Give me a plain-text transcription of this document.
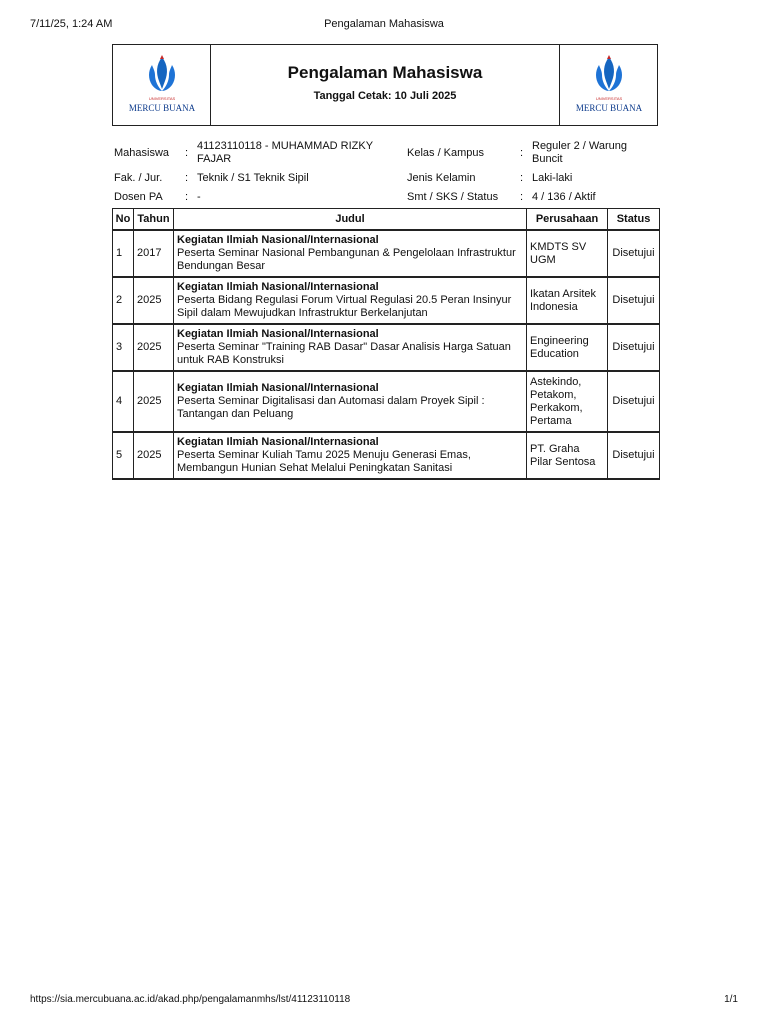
7/11/25, 1:24 AM	Pengalaman Mahasiswa
UNIVERSITAS
MERCU BUANA
Pengalaman Mahasiswa
Tanggal Cetak: 10 Juli 2025	UNIVERSITAS
MERCU BUANA
Mahasiswa :
41123110118 - MUHAMMAD RIZKY FAJAR	Kelas / Kampus	:
Reguler 2 / Warung Buncit
Fak. / Jur. : Teknik / S1 Teknik Sipil	Jenis Kelamin	: Laki-laki
Dosen PA : -	Smt / SKS / Status : 4 / 136 / Aktif
No	Tahun	Judul	Perusahaan	Status
1	2017	Kegiatan Ilmiah Nasional/Internasional
Peserta Seminar Nasional Pembangunan & Pengelolaan Infrastruktur Bendungan Besar	KMDTS SV UGM	Disetujui
2	2025	Kegiatan Ilmiah Nasional/Internasional
Peserta Bidang Regulasi Forum Virtual Regulasi 20.5 Peran Insinyur Sipil dalam Mewujudkan Infrastruktur Berkelanjutan	Ikatan Arsitek Indonesia	Disetujui
3	2025	Kegiatan Ilmiah Nasional/Internasional
Peserta Seminar "Training RAB Dasar" Dasar Analisis Harga Satuan untuk RAB Konstruksi	Engineering Education	Disetujui
4	2025	Kegiatan Ilmiah Nasional/Internasional
Peserta Seminar Digitalisasi dan Automasi dalam Proyek Sipil : Tantangan dan Peluang	Astekindo, Petakom, Perkakom, Pertama	Disetujui
5	2025	Kegiatan Ilmiah Nasional/Internasional
Peserta Seminar Kuliah Tamu 2025 Menuju Generasi Emas, Membangun Hunian Sehat Melalui Peningkatan Sanitasi	PT. Graha Pilar Sentosa	Disetujui
https://sia.mercubuana.ac.id/akad.php/pengalamanmhs/lst/41123110118	1/1
